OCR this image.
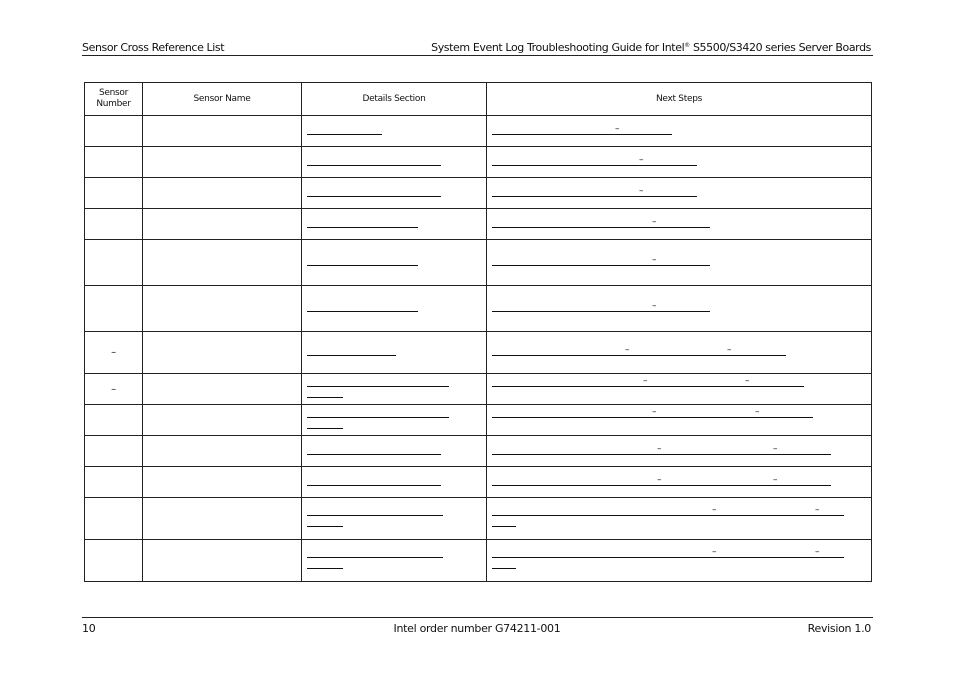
Sensor Cross Reference List	System Event Log Troubleshooting Guide for Intel® S5500/S3420 series Server Boards
Sensor Number	Sensor Name	Details Section	Next Steps

			–

			–

			–

			–

			–

			–

–			– –

–			– –

			– –

			– –

			– –

			– –

			– –
10	Intel order number G74211-001	Revision 1.0
